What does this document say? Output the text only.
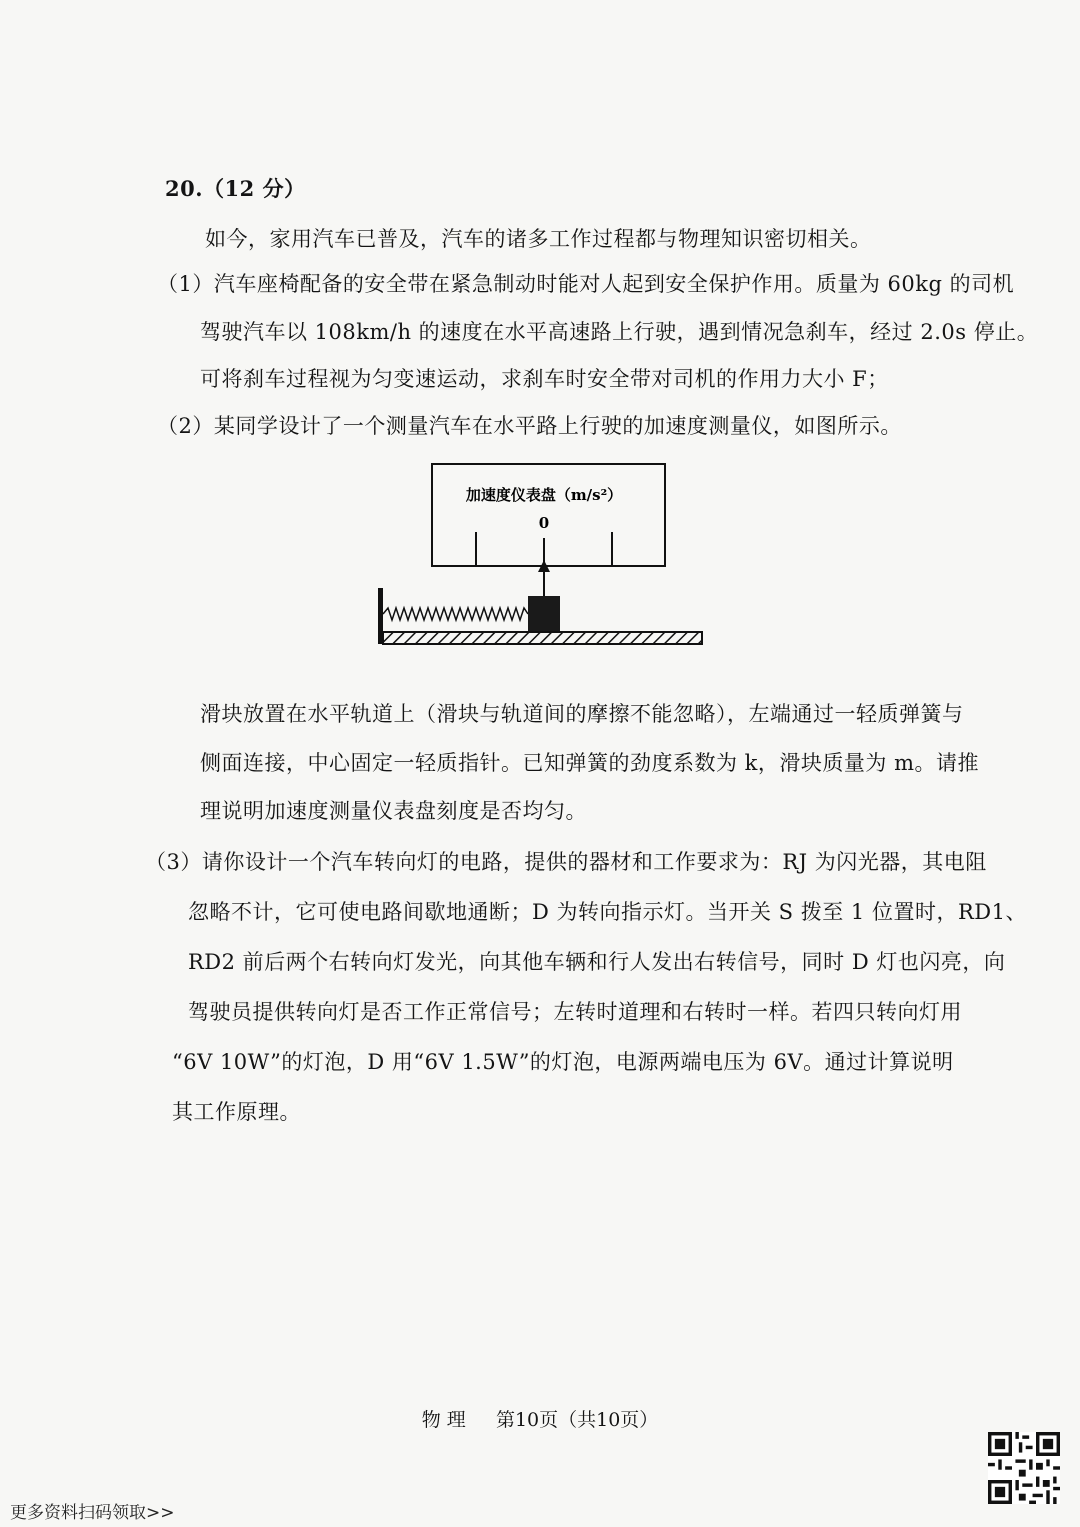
20.（12 分）
如今，家用汽车已普及，汽车的诸多工作过程都与物理知识密切相关。
（1）汽车座椅配备的安全带在紧急制动时能对人起到安全保护作用。质量为 60kg 的司机
驾驶汽车以 108km/h 的速度在水平高速路上行驶，遇到情况急刹车，经过 2.0s 停止。
可将刹车过程视为匀变速运动，求刹车时安全带对司机的作用力大小 F；
（2）某同学设计了一个测量汽车在水平路上行驶的加速度测量仪，如图所示。
加速度仪表盘（m/s²）
0
滑块放置在水平轨道上（滑块与轨道间的摩擦不能忽略），左端通过一轻质弹簧与
侧面连接，中心固定一轻质指针。已知弹簧的劲度系数为 k，滑块质量为 m。请推
理说明加速度测量仪表盘刻度是否均匀。
（3）请你设计一个汽车转向灯的电路，提供的器材和工作要求为：RJ 为闪光器，其电阻
忽略不计，它可使电路间歇地通断；D 为转向指示灯。当开关 S 拨至 1 位置时，RD1、
RD2 前后两个右转向灯发光，向其他车辆和行人发出右转信号，同时 D 灯也闪亮，向
驾驶员提供转向灯是否工作正常信号；左转时道理和右转时一样。若四只转向灯用
“6V 10W”的灯泡，D 用“6V 1.5W”的灯泡，电源两端电压为 6V。通过计算说明
其工作原理。
物 理 第10页（共10页）
更多资料扫码领取>>
